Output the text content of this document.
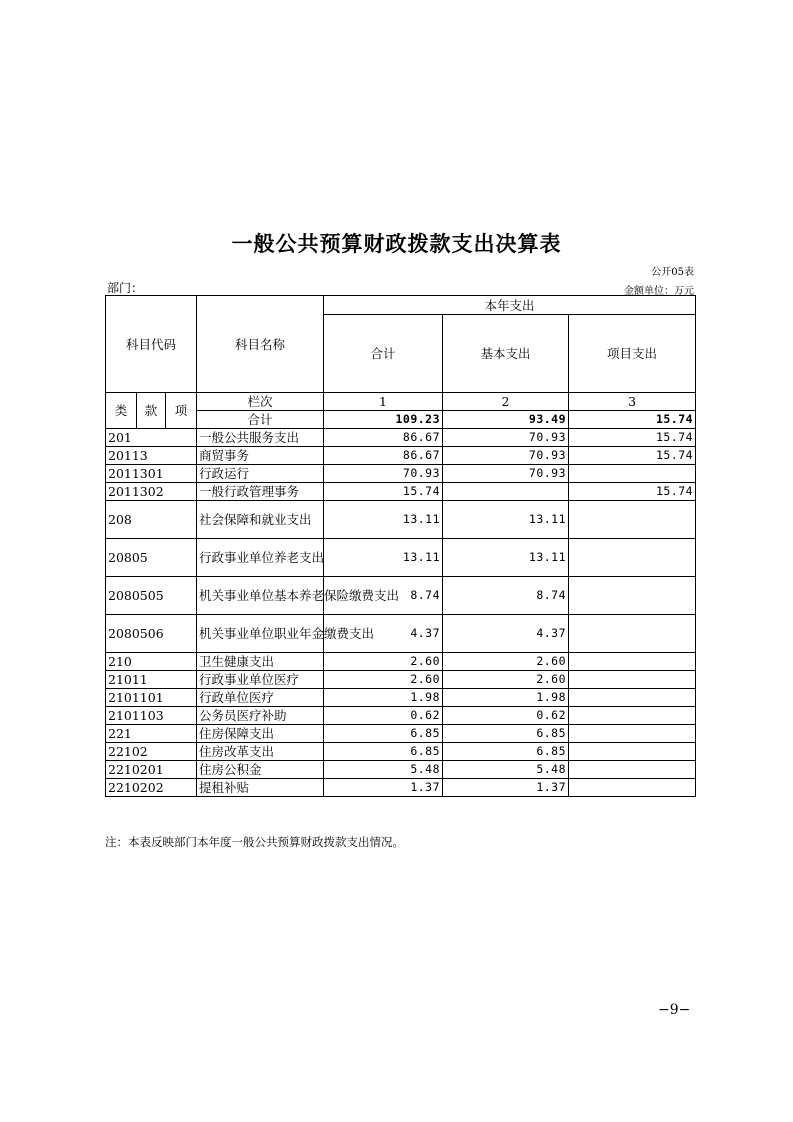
一般公共预算财政拨款支出决算表
公开05表
部门：	金额单位：万元
科目代码			科目名称	本年支出		
				合计	基本支出	项目支出
类	款	项	栏次	1	2	3
			合计	109.23	93.49	15.74
201			一般公共服务支出	86.67	70.93	15.74
20113			商贸事务	86.67	70.93	15.74
2011301			行政运行	70.93	70.93	
2011302			一般行政管理事务	15.74		15.74
208			社会保障和就业支出	13.11	13.11	
20805			行政事业单位养老支出	13.11	13.11	
2080505			机关事业单位基本养老保险缴费支出	8.74	8.74	
2080506			机关事业单位职业年金缴费支出	4.37	4.37	
210			卫生健康支出	2.60	2.60	
21011			行政事业单位医疗	2.60	2.60	
2101101			行政单位医疗	1.98	1.98	
2101103			公务员医疗补助	0.62	0.62	
221			住房保障支出	6.85	6.85	
22102			住房改革支出	6.85	6.85	
2210201			住房公积金	5.48	5.48	
2210202			提租补贴	1.37	1.37	
注：本表反映部门本年度一般公共预算财政拨款支出情况。
−9−
